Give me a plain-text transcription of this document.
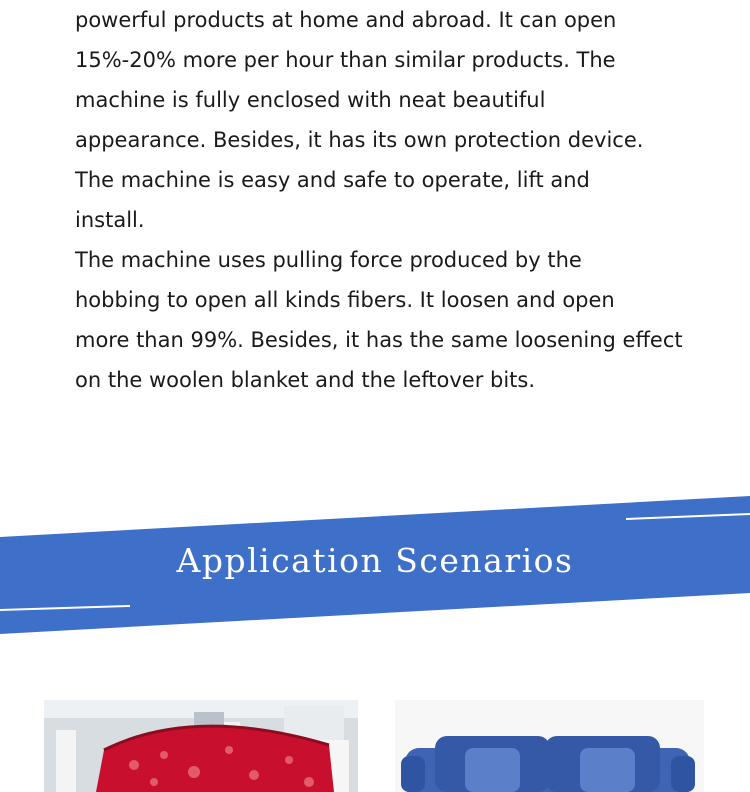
powerful products at home and abroad. It can open
15%-20% more per hour than similar products. The
machine is fully enclosed with neat beautiful
appearance. Besides, it has its own protection device.
The machine is easy and safe to operate, lift and
install.
The machine uses pulling force produced by the
hobbing to open all kinds fibers. It loosen and open
more than 99%. Besides, it has the same loosening effect
on the woolen blanket and the leftover bits.
Application Scenarios
